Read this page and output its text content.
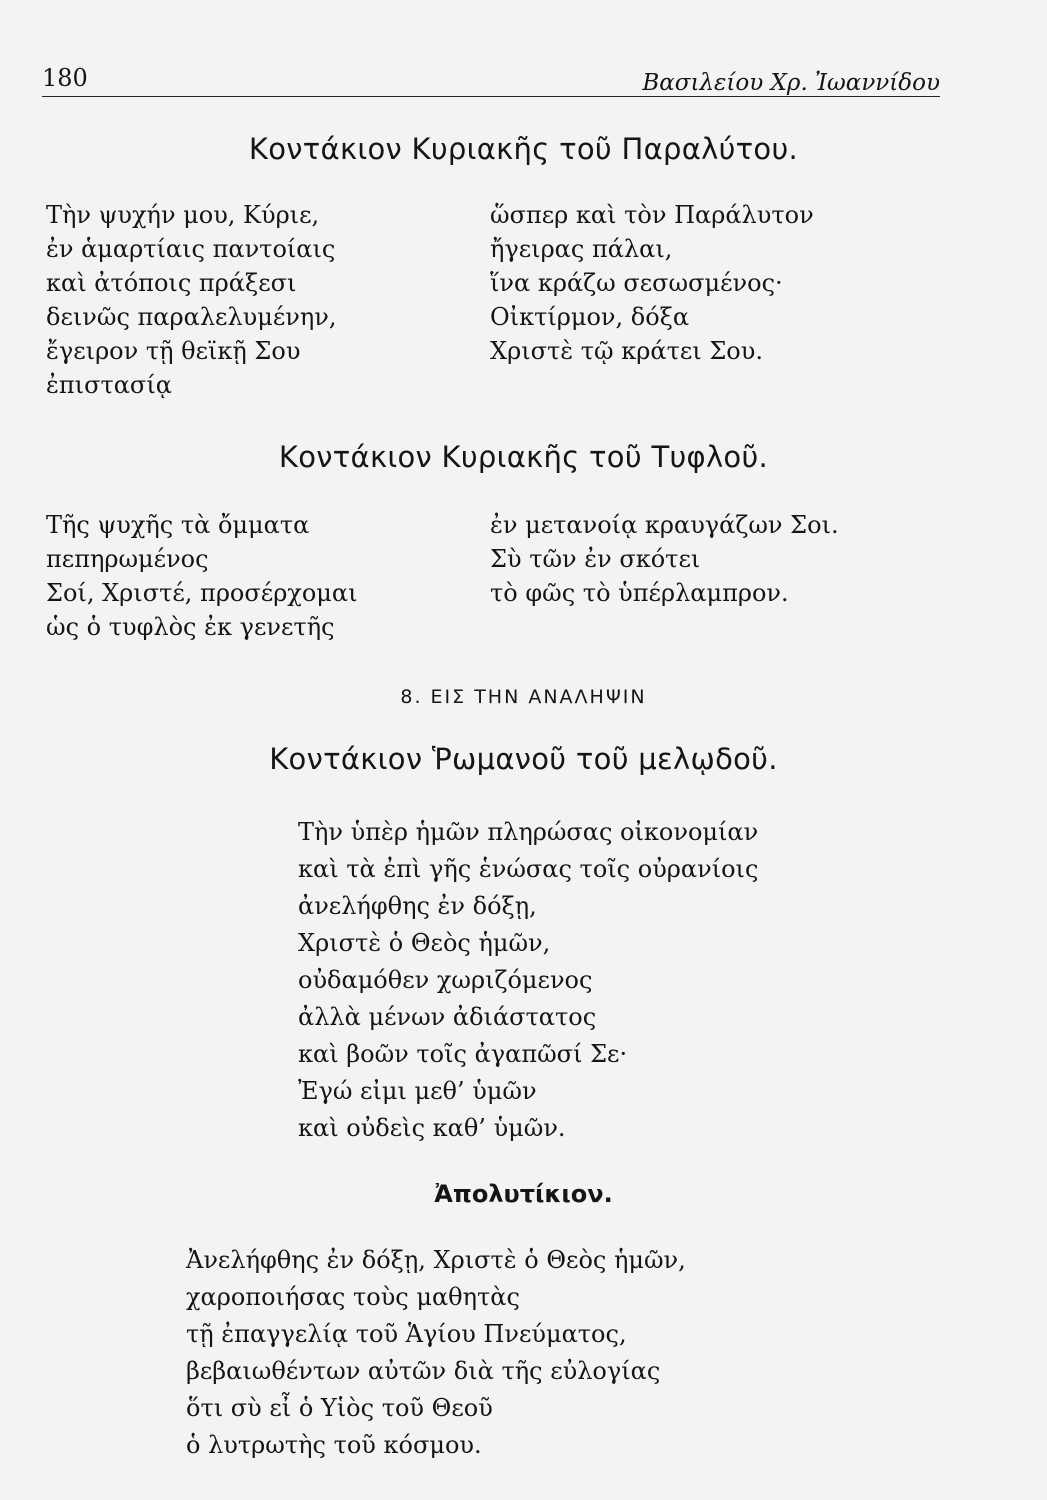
180	Βασιλείου Χρ. Ἰωαννίδου
Κοντάκιον Κυριακῆς τοῦ Παραλύτου.
Τὴν ψυχήν μου, Κύριε,
ἐν ἁμαρτίαις παντοίαις
καὶ ἀτόποις πράξεσι
δεινῶς παραλελυμένην,
ἔγειρον τῇ θεϊκῇ Σου
ἐπιστασίᾳ
ὥσπερ καὶ τὸν Παράλυτον
ἤγειρας πάλαι,
ἵνα κράζω σεσωσμένος·
Οἰκτίρμον, δόξα
Χριστὲ τῷ κράτει Σου.
Κοντάκιον Κυριακῆς τοῦ Τυφλοῦ.
Τῆς ψυχῆς τὰ ὄμματα
πεπηρωμένος
Σοί, Χριστέ, προσέρχομαι
ὡς ὁ τυφλὸς ἐκ γενετῆς
ἐν μετανοίᾳ κραυγάζων Σοι.
Σὺ τῶν ἐν σκότει
τὸ φῶς τὸ ὑπέρλαμπρον.
8. ΕΙΣ ΤΗΝ ΑΝΑΛΗΨΙΝ
Κοντάκιον Ῥωμανοῦ τοῦ μελῳδοῦ.
Τὴν ὑπὲρ ἡμῶν πληρώσας οἰκονομίαν
καὶ τὰ ἐπὶ γῆς ἑνώσας τοῖς οὐρανίοις
ἀνελήφθης ἐν δόξῃ,
Χριστὲ ὁ Θεὸς ἡμῶν,
οὐδαμόθεν χωριζόμενος
ἀλλὰ μένων ἀδιάστατος
καὶ βοῶν τοῖς ἀγαπῶσί Σε·
Ἐγώ εἰμι μεθ’ ὑμῶν
καὶ οὐδεὶς καθ’ ὑμῶν.
Ἀπολυτίκιον.
Ἀνελήφθης ἐν δόξῃ, Χριστὲ ὁ Θεὸς ἡμῶν,
χαροποιήσας τοὺς μαθητὰς
τῇ ἐπαγγελίᾳ τοῦ Ἁγίου Πνεύματος,
βεβαιωθέντων αὐτῶν διὰ τῆς εὐλογίας
ὅτι σὺ εἶ ὁ Υἱὸς τοῦ Θεοῦ
ὁ λυτρωτὴς τοῦ κόσμου.
